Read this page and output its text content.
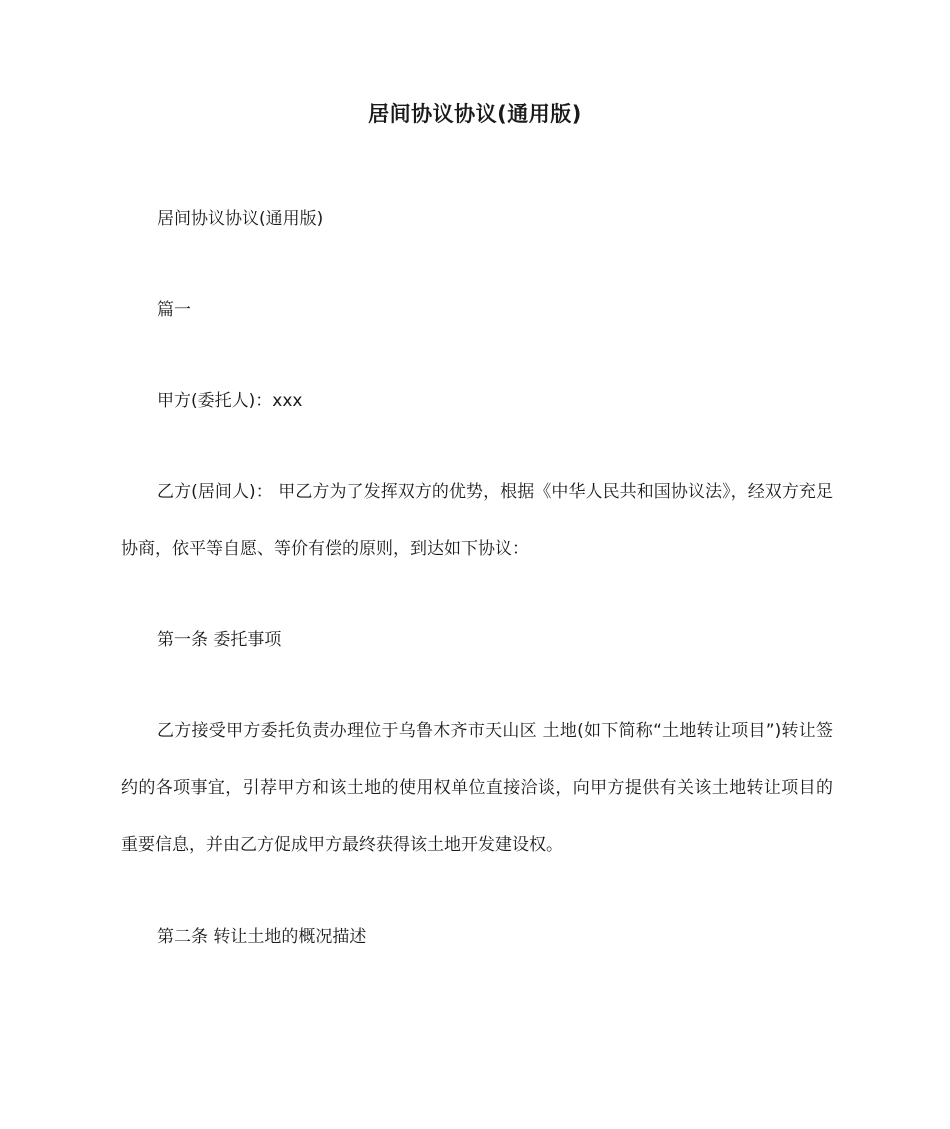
居间协议协议(通用版)

居间协议协议(通用版)

篇一

甲方(委托人)：xxx

乙方(居间人)： 甲乙方为了发挥双方的优势，根据《中华人民共和国协议法》，经双方充足协商，依平等自愿、等价有偿的原则，到达如下协议：

第一条 委托事项

乙方接受甲方委托负责办理位于乌鲁木齐市天山区 土地(如下简称“土地转让项目”)转让签约的各项事宜，引荐甲方和该土地的使用权单位直接洽谈，向甲方提供有关该土地转让项目的重要信息，并由乙方促成甲方最终获得该土地开发建设权。

第二条 转让土地的概况描述
